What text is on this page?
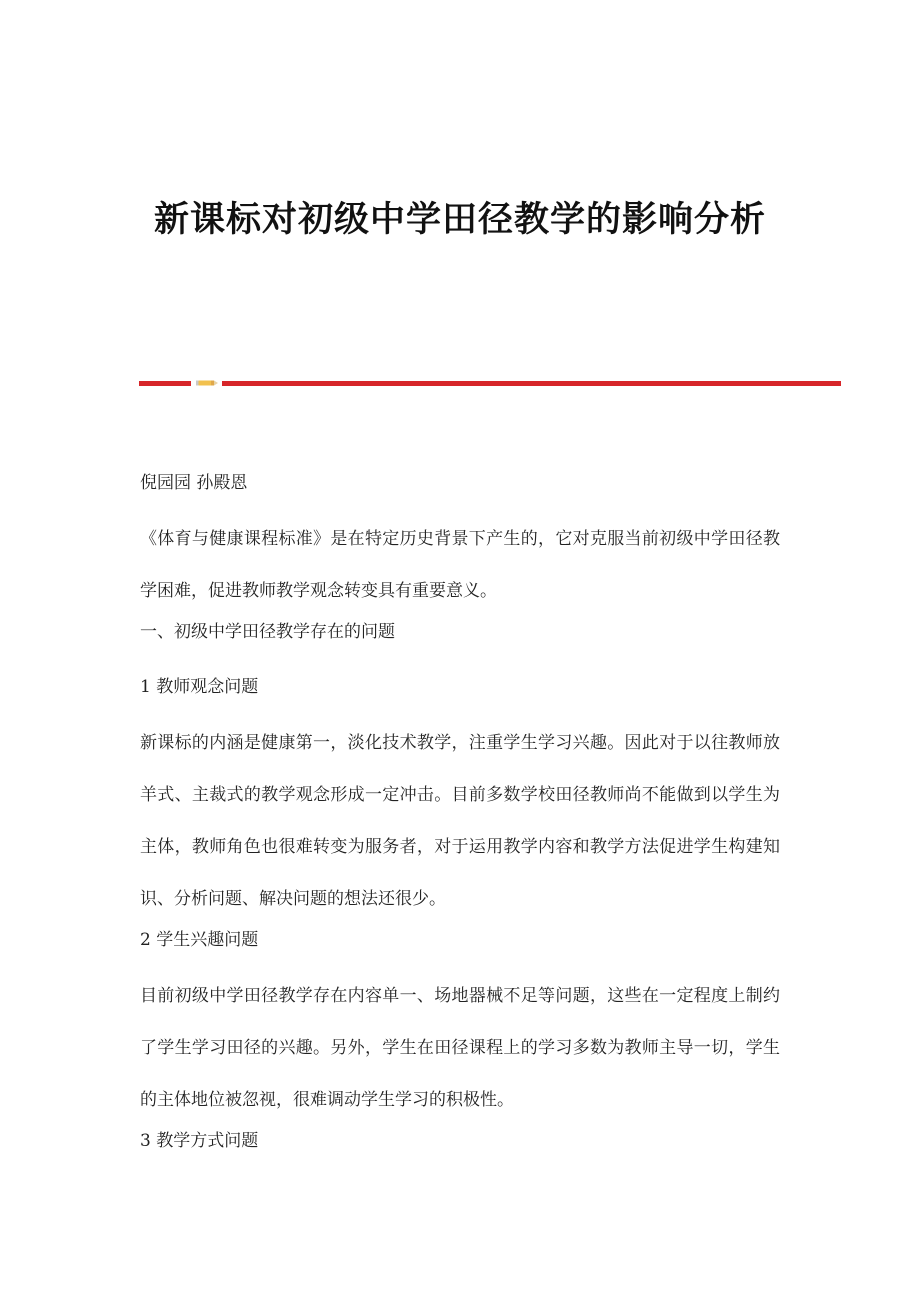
新课标对初级中学田径教学的影响分析

倪园园 孙殿恩

《体育与健康课程标准》是在特定历史背景下产生的，它对克服当前初级中学田径教学困难，促进教师教学观念转变具有重要意义。

一、初级中学田径教学存在的问题

1 教师观念问题

新课标的内涵是健康第一，淡化技术教学，注重学生学习兴趣。因此对于以往教师放羊式、主裁式的教学观念形成一定冲击。目前多数学校田径教师尚不能做到以学生为主体，教师角色也很难转变为服务者，对于运用教学内容和教学方法促进学生构建知识、分析问题、解决问题的想法还很少。

2 学生兴趣问题

目前初级中学田径教学存在内容单一、场地器械不足等问题，这些在一定程度上制约了学生学习田径的兴趣。另外，学生在田径课程上的学习多数为教师主导一切，学生的主体地位被忽视，很难调动学生学习的积极性。

3 教学方式问题
